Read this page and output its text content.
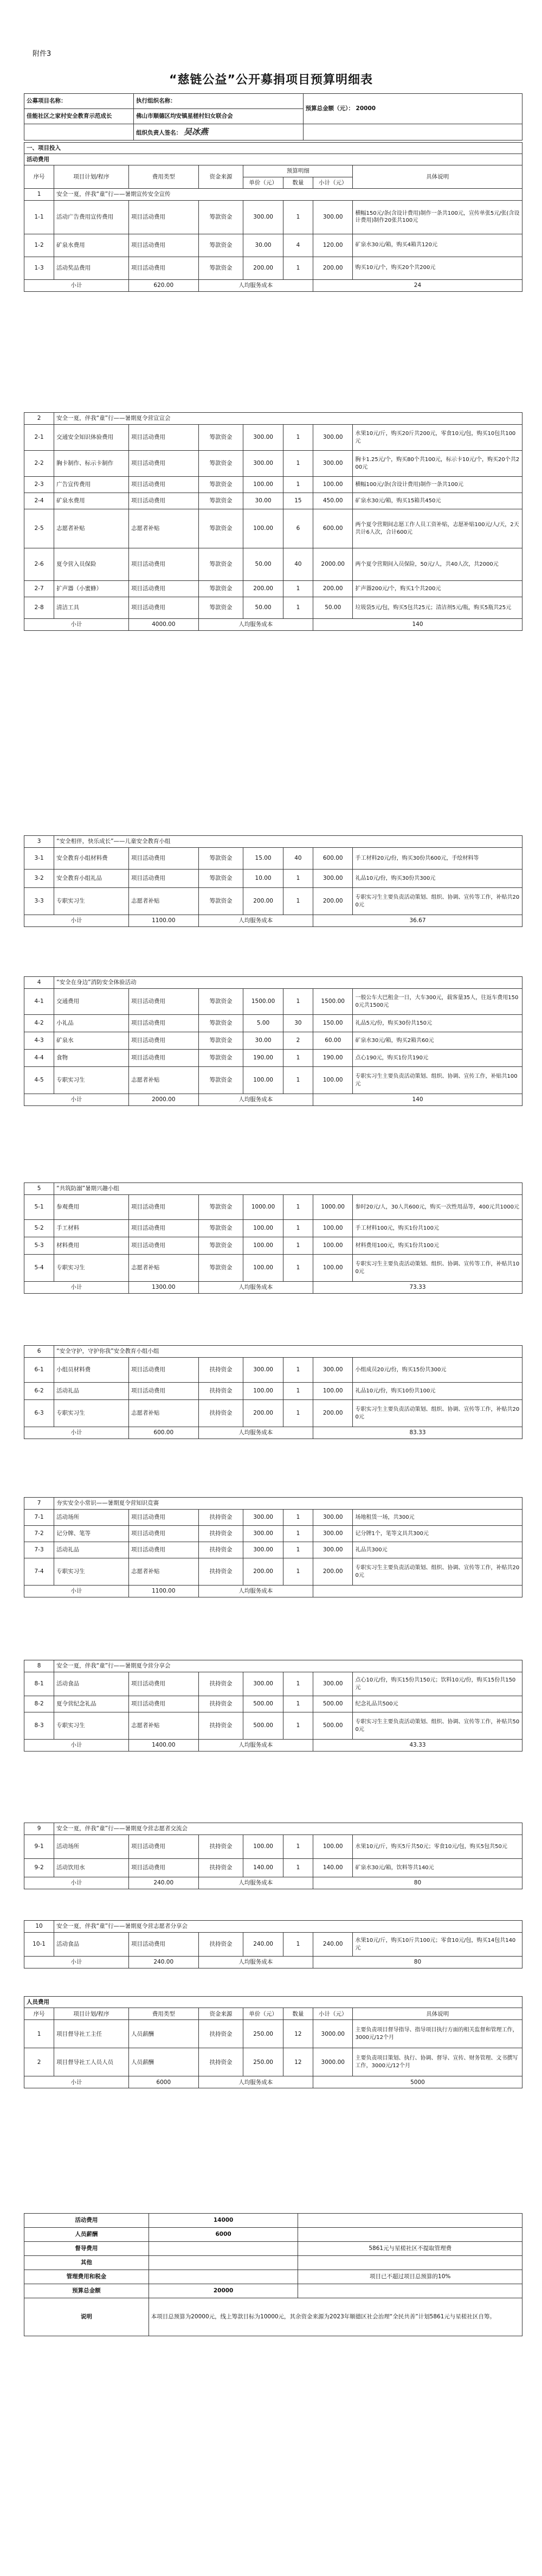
附件3
“慈链公益”公开募捐项目预算明细表
公募项目名称：	执行组织名称：	预算总金额（元）： 20000
佳能社区之家村安全教育示范成长	佛山市顺德区均安镇星槎村妇女联合会	
	组织负责人签名： 吴冰燕	
一、项目投入							
活动费用							
序号	项目计划/程序	费用类型	资金来源	预算明细			具体说明
				单价（元）	数量	小计（元）	
1	安全一夏，伴我“童”行——暑期宣传安全宣传						
1-1	活动广告费用宣传费用	项目活动费用	筹款资金	300.00	1	300.00	横幅150元/条(含设计费用)制作一条共100元，宣传单张5元/张(含设计费用)制作20张共100元
1-2	矿泉水费用	项目活动费用	筹款资金	30.00	4	120.00	矿泉水30元/箱，购买4箱共120元
1-3	活动奖品费用	项目活动费用	筹款资金	200.00	1	200.00	购买10元/个，购买20个共200元
小计		620.00	人均服务成本			24	
2	安全一夏，伴我“童”行——暑期夏令营宣宣会						
2-1	交通安全知识体验费用	项目活动费用	筹款资金	300.00	1	300.00	水果10元/斤，购买20斤共200元，零食10元/包，购买10包共100元
2-2	胸卡制作、标示卡制作	项目活动费用	筹款资金	300.00	1	300.00	胸卡1.25元/个，购买80个共100元，标示卡10元/个，购买20个共200元
2-3	广告宣传费用	项目活动费用	筹款资金	100.00	1	100.00	横幅100元/条(含设计费用)制作一条共100元
2-4	矿泉水费用	项目活动费用	筹款资金	30.00	15	450.00	矿泉水30元/箱，购买15箱共450元
2-5	志愿者补贴	志愿者补贴	筹款资金	100.00	6	600.00	两个夏令营期间志愿工作人员工资补贴，志愿补贴100元/人/天，2天共计6人次，合计600元
2-6	夏令营入员保险	项目活动费用	筹款资金	50.00	40	2000.00	两个夏令营期间入员保险，50元/人，共40人次，共2000元
2-7	扩声器（小蜜蜂）	项目活动费用	筹款资金	200.00	1	200.00	扩声器200元/个，购买1个共200元
2-8	清洁工具	项目活动费用	筹款资金	50.00	1	50.00	垃圾袋5元/包，购买5包共25元；清洁剂5元/瓶，购买5瓶共25元
小计		4000.00	人均服务成本			140	
3	“安全相伴，快乐成长”——儿童安全教育小组						
3-1	安全教育小组材料费	项目活动费用	筹款资金	15.00	40	600.00	手工材料20元/份，购买30份共600元，手绘材料等
3-2	安全教育小组礼品	项目活动费用	筹款资金	10.00	1	300.00	礼品10元/份，购买30份共300元
3-3	专职实习生	志愿者补贴	筹款资金	200.00	1	200.00	专职实习生主要负责活动策划、组织、协调、宣传等工作，补贴共200元
小计		1100.00	人均服务成本			36.67	
4	“安全在身边”消防安全体验活动						
4-1	交通费用	项目活动费用	筹款资金	1500.00	1	1500.00	一般公车大巴租金一日，大车300元，载客量35人，往返车费用1500元共1500元
4-2	小礼品	项目活动费用	筹款资金	5.00	30	150.00	礼品5元/份，购买30份共150元
4-3	矿泉水	项目活动费用	筹款资金	30.00	2	60.00	矿泉水30元/箱，购买2箱共60元
4-4	食物	项目活动费用	筹款资金	190.00	1	190.00	点心190元，购买1份共190元
4-5	专职实习生	志愿者补贴	筹款资金	100.00	1	100.00	专职实习生主要负责活动策划、组织、协调、宣传工作，补贴共100元
小计		2000.00	人均服务成本			140	
5	“共筑防溺”暑期兴趣小组						
5-1	参观费用	项目活动费用	筹款资金	1000.00	1	1000.00	参时20元/人，30人共600元，购买一次性用品等，400元共1000元
5-2	手工材料	项目活动费用	筹款资金	100.00	1	100.00	手工材料100元，购买1份共100元
5-3	材料费用	项目活动费用	筹款资金	100.00	1	100.00	材料费用100元，购买1份共100元
5-4	专职实习生	志愿者补贴	筹款资金	100.00	1	100.00	专职实习生主要负责活动策划、组织、协调、宣传等工作，补贴共100元
小计		1300.00	人均服务成本			73.33	
6	“安全守护，守护你我”安全教育小组小组						
6-1	小组员材料费	项目活动费用	扶持资金	300.00	1	300.00	小组成员20元/份，购买15份共300元
6-2	活动礼品	项目活动费用	扶持资金	100.00	1	100.00	礼品10元/份，购买10份共100元
6-3	专职实习生	志愿者补贴	扶持资金	200.00	1	200.00	专职实习生主要负责活动策划、组织、协调、宣传等工作，补贴共200元
小计		600.00	人均服务成本			83.33	
7	夯实安全小常识——暑期夏令营知识竞赛						
7-1	活动场所	项目活动费用	扶持资金	300.00	1	300.00	场地租赁一场，共300元
7-2	记分牌、笔等	项目活动费用	扶持资金	300.00	1	300.00	记分牌1个，笔等文具共300元
7-3	活动礼品	项目活动费用	扶持资金	300.00	1	300.00	礼品共300元
7-4	专职实习生	志愿者补贴	扶持资金	200.00	1	200.00	专职实习生主要负责活动策划、组织、协调、宣传等工作，补贴共200元
小计		1100.00	人均服务成本				
8	安全一夏，伴我“童”行——暑期夏令营分享会						
8-1	活动食品	项目活动费用	扶持资金	300.00	1	300.00	点心10元/份，购买15份共150元；饮料10元/份，购买15份共150元
8-2	夏令营纪念礼品	项目活动费用	扶持资金	500.00	1	500.00	纪念礼品共500元
8-3	专职实习生	志愿者补贴	扶持资金	500.00	1	500.00	专职实习生主要负责活动策划、组织、协调、宣传等工作，补贴共500元
小计		1400.00	人均服务成本			43.33	
9	安全一夏，伴我“童”行——暑期夏令营志愿者交流会						
9-1	活动场所	项目活动费用	扶持资金	100.00	1	100.00	水果10元/斤，购买5斤共50元；零食10元/包，购买5包共50元
9-2	活动饮用水	项目活动费用	扶持资金	140.00	1	140.00	矿泉水30元/箱，饮料等共140元
小计		240.00	人均服务成本			80	
10	安全一夏，伴我“童”行——暑期夏令营志愿者分享会						
10-1	活动食品	项目活动费用	扶持资金	240.00	1	240.00	水果10元/斤，购买10斤共100元；零食10元/包，购买14包共140元
小计		240.00	人均服务成本			80	
人员费用							
序号	项目计划/程序	费用类型	资金来源	单价（元）	数量	小计（元）	具体说明
1	项目督导社工主任	人员薪酬	扶持资金	250.00	12	3000.00	主要负责项目督导指导、指导项目执行方面的相关监督和管理工作，3000元/12个月
2	项目督导社工人员人员	人员薪酬	扶持资金	250.00	12	3000.00	主要负责项目策划、执行、协调、督导、宣传、财务管理、文书撰写工作，3000元/12个月
小计		6000	人均服务成本			5000	
活动费用	14000	
人员薪酬	6000	
督导费用		5861元与星槎社区不提取管理费
其他		
管理费用和税金		项目已不超过项目总预算的10%
预算总金额	20000	
说明	本项目总预算为20000元，线上筹款目标为10000元，其余资金来源为2023年顺德区社会治理“全民共善”计划5861元与星槎社区自筹。	
